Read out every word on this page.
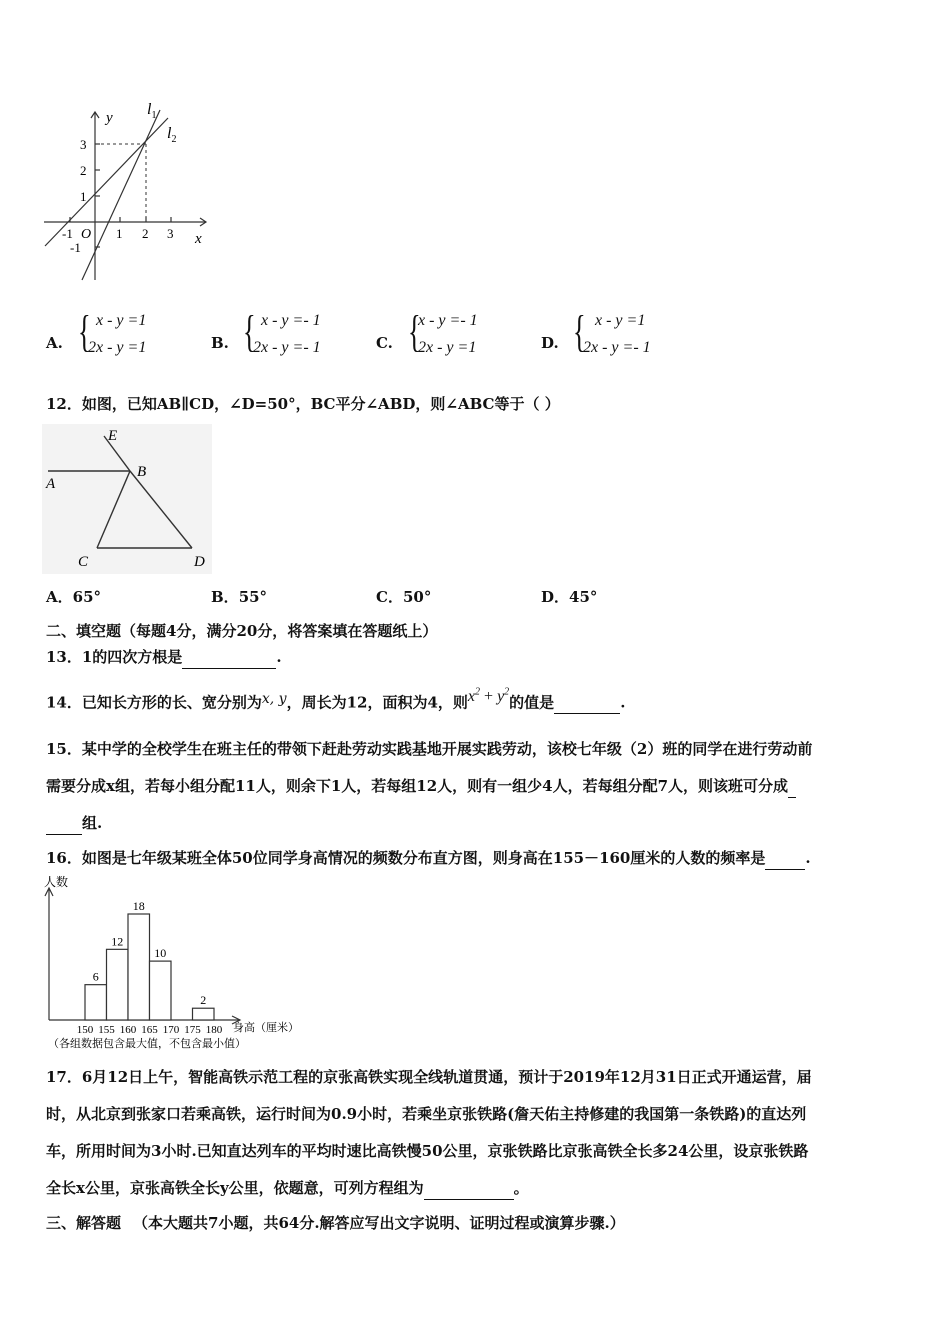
y
x
O
$l_1$
$l_2$
3
2
1
-1
-1	1 2 3
A. { x - y =1
2x - y =1	B. { x - y =- 1
2x - y =- 1	C. {
x - y =- 1
2x - y =1	D. { x - y =1
2x - y =- 1
12．如图，已知AB∥CD，∠D=50°，BC平分∠ABD，则∠ABC等于（ ）
E
A
B
C	D
A．65°	B．55°	C．50°	D．45°
二、填空题（每题4分，满分20分，将答案填在答题纸上）
13．1的四次方根是	.
14．已知长方形的长、宽分别为x, y，周长为12，面积为4，则$x^2 + y^2$的值是	.
15．某中学的全校学生在班主任的带领下赶赴劳动实践基地开展实践劳动，该校七年级（2）班的同学在进行劳动前
需要分成x组，若每小组分配11人，则余下1人，若每组12人，则有一组少4人，若每组分配7人，则该班可分成
组.
16．如图是七年级某班全体50位同学身高情况的频数分布直方图，则身高在155－160厘米的人数的频率是	.
人数
身高（厘米）
（各组数据包含最大值，不包含最小值）
6
12
18
10
2
150 155 160 165 170 175 180
17．6月12日上午，智能高铁示范工程的京张高铁实现全线轨道贯通，预计于2019年12月31日正式开通运营，届
时，从北京到张家口若乘高铁，运行时间为0.9小时，若乘坐京张铁路(詹天佑主持修建的我国第一条铁路)的直达列
车，所用时间为3小时.已知直达列车的平均时速比高铁慢50公里，京张铁路比京张高铁全长多24公里，设京张铁路
全长x公里，京张高铁全长y公里，依题意，可列方程组为	。
三、解答题 （本大题共7小题，共64分.解答应写出文字说明、证明过程或演算步骤.）
